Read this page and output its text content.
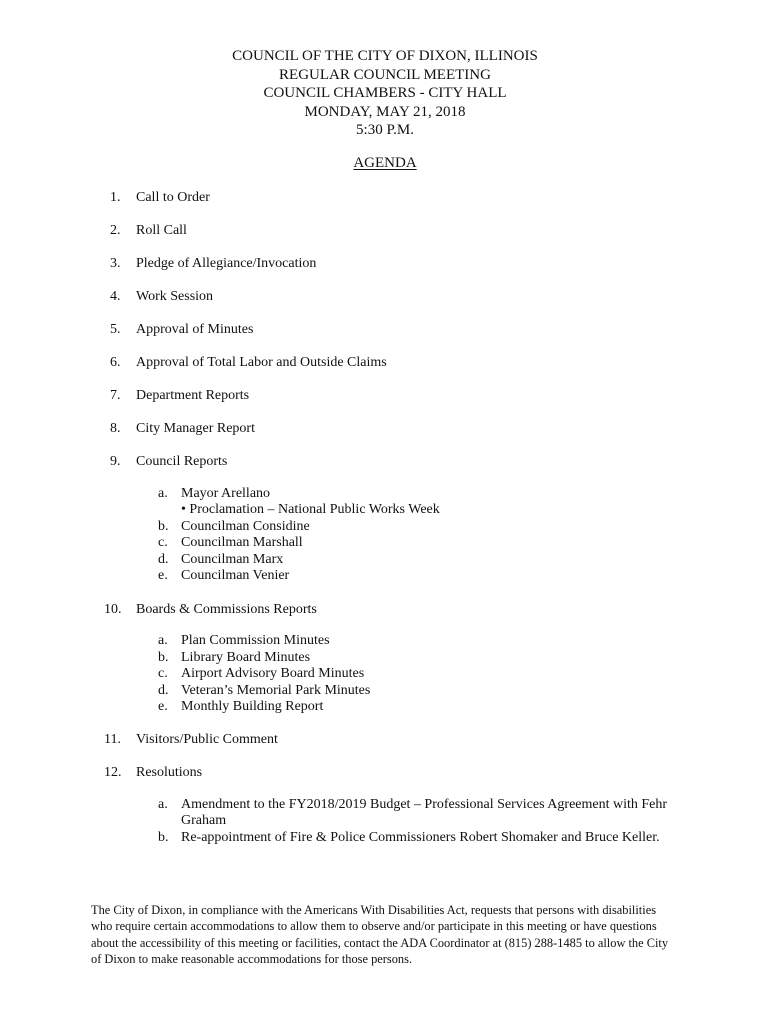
COUNCIL OF THE CITY OF DIXON, ILLINOIS
REGULAR COUNCIL MEETING
COUNCIL CHAMBERS - CITY HALL
MONDAY, MAY 21, 2018
5:30 P.M.
AGENDA
1. Call to Order
2. Roll Call
3. Pledge of Allegiance/Invocation
4. Work Session
5. Approval of Minutes
6. Approval of Total Labor and Outside Claims
7. Department Reports
8. City Manager Report
9. Council Reports
a. Mayor Arellano
• Proclamation – National Public Works Week
b. Councilman Considine
c. Councilman Marshall
d. Councilman Marx
e. Councilman Venier
10. Boards & Commissions Reports
a. Plan Commission Minutes
b. Library Board Minutes
c. Airport Advisory Board Minutes
d. Veteran’s Memorial Park Minutes
e. Monthly Building Report
11. Visitors/Public Comment
12. Resolutions
a. Amendment to the FY2018/2019 Budget – Professional Services Agreement with Fehr
Graham
b. Re-appointment of Fire & Police Commissioners Robert Shomaker and Bruce Keller.
The City of Dixon, in compliance with the Americans With Disabilities Act, requests that persons with disabilities
who require certain accommodations to allow them to observe and/or participate in this meeting or have questions
about the accessibility of this meeting or facilities, contact the ADA Coordinator at (815) 288-1485 to allow the City
of Dixon to make reasonable accommodations for those persons.
